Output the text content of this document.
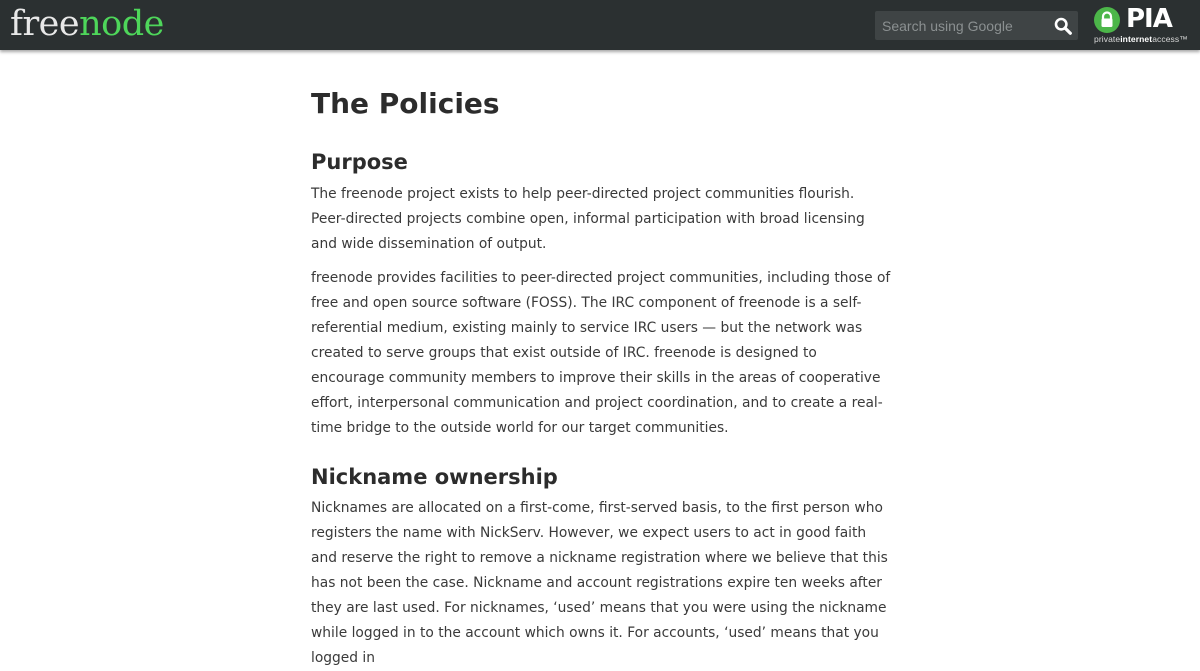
freenode
Search using Google	PIA
privateinternetaccess™
The Policies
Purpose

The freenode project exists to help peer-directed project communities flourish. Peer-directed projects combine open, informal participation with broad licensing and wide dissemination of output.

freenode provides facilities to peer-directed project communities, including those of free and open source software (FOSS). The IRC component of freenode is a self-referential medium, existing mainly to service IRC users — but the network was created to serve groups that exist outside of IRC. freenode is designed to encourage community members to improve their skills in the areas of cooperative effort, interpersonal communication and project coordination, and to create a real-time bridge to the outside world for our target communities.

Nickname ownership

Nicknames are allocated on a first-come, first-served basis, to the first person who registers the name with NickServ. However, we expect users to act in good faith and reserve the right to remove a nickname registration where we believe that this has not been the case. Nickname and account registrations expire ten weeks after they are last used. For nicknames, ‘used’ means that you were using the nickname while logged in to the account which owns it. For accounts, ‘used’ means that you logged in
